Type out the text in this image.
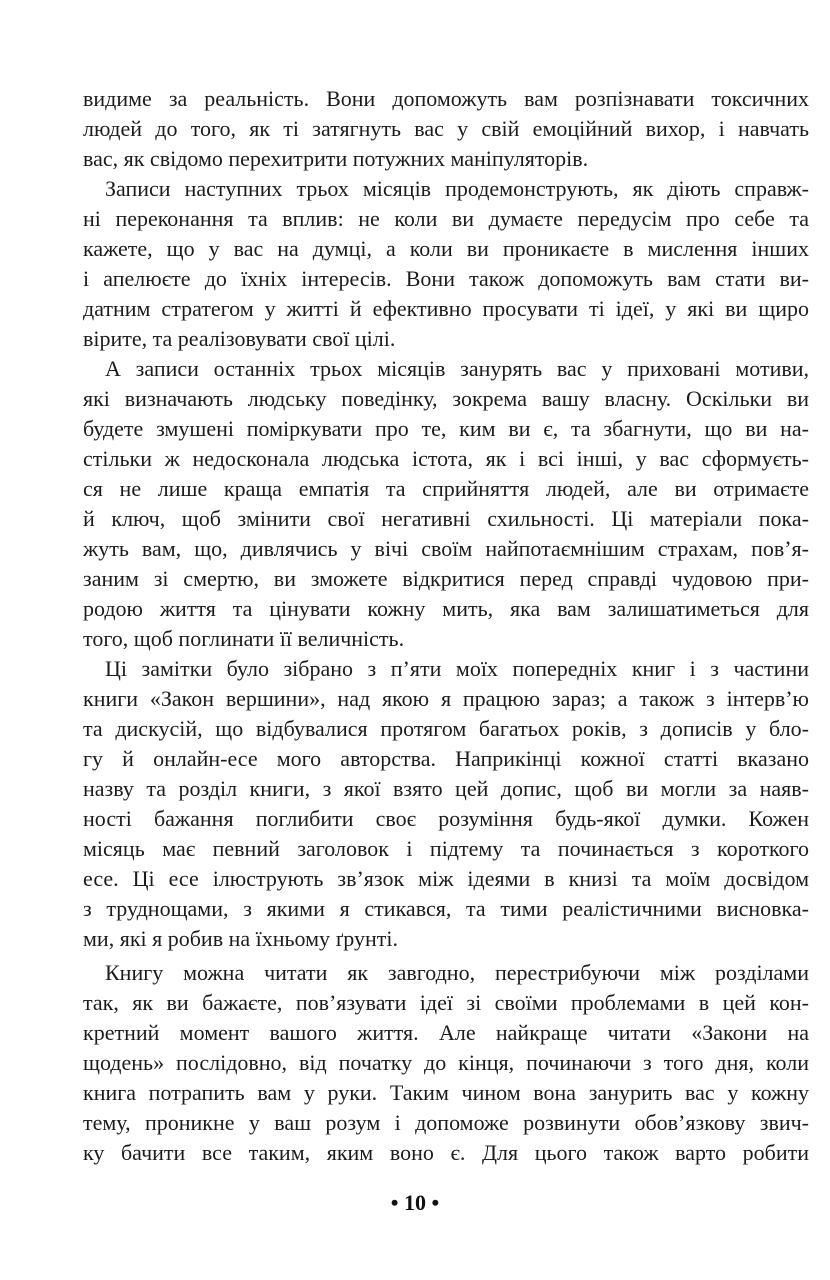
видиме за реальність. Вони допоможуть вам розпізнавати токсичних
людей до того, як ті затягнуть вас у свій емоційний вихор, і навчать
вас, як свідомо перехитрити потужних маніпуляторів.
Записи наступних трьох місяців продемонструють, як діють справж-
ні переконання та вплив: не коли ви думаєте передусім про себе та
кажете, що у вас на думці, а коли ви проникаєте в мислення інших
і апелюєте до їхніх інтересів. Вони також допоможуть вам стати ви-
датним стратегом у житті й ефективно просувати ті ідеї, у які ви щиро
вірите, та реалізовувати свої цілі.
А записи останніх трьох місяців занурять вас у приховані мотиви,
які визначають людську поведінку, зокрема вашу власну. Оскільки ви
будете змушені поміркувати про те, ким ви є, та збагнути, що ви на-
стільки ж недосконала людська істота, як і всі інші, у вас сформуєть-
ся не лише краща емпатія та сприйняття людей, але ви отримаєте
й ключ, щоб змінити свої негативні схильності. Ці матеріали пока-
жуть вам, що, дивлячись у вічі своїм найпотаємнішим страхам, пов’я-
заним зі смертю, ви зможете відкритися перед справді чудовою при-
родою життя та цінувати кожну мить, яка вам залишатиметься для
того, щоб поглинати її величність.
Ці замітки було зібрано з п’яти моїх попередніх книг і з частини
книги «Закон вершини», над якою я працюю зараз; а також з інтерв’ю
та дискусій, що відбувалися протягом багатьох років, з дописів у бло-
гу й онлайн-есе мого авторства. Наприкінці кожної статті вказано
назву та розділ книги, з якої взято цей допис, щоб ви могли за наяв-
ності бажання поглибити своє розуміння будь-якої думки. Кожен
місяць має певний заголовок і підтему та починається з короткого
есе. Ці есе ілюструють зв’язок між ідеями в книзі та моїм досвідом
з труднощами, з якими я стикався, та тими реалістичними висновка-
ми, які я робив на їхньому ґрунті.
Книгу можна читати як завгодно, перестрибуючи між розділами
так, як ви бажаєте, пов’язувати ідеї зі своїми проблемами в цей кон-
кретний момент вашого життя. Але найкраще читати «Закони на
щодень» послідовно, від початку до кінця, починаючи з того дня, коли
книга потрапить вам у руки. Таким чином вона занурить вас у кожну
тему, проникне у ваш розум і допоможе розвинути обов’язкову звич-
ку бачити все таким, яким воно є. Для цього також варто робити
• 10 •
